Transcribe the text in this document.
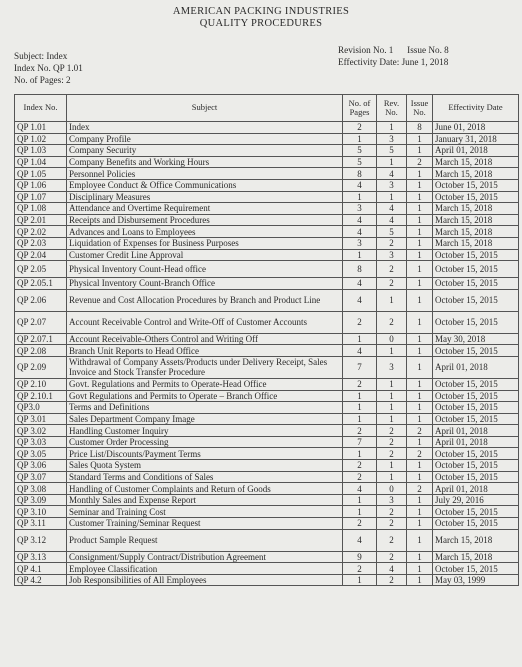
AMERICAN PACKING INDUSTRIES
QUALITY PROCEDURES
Subject: Index
Index No. QP 1.01
No. of Pages: 2
Revision No. 1 Issue No. 8
Effectivity Date: June 1, 2018
Index No.	Subject	No. of Pages	Rev. No.	Issue No.	Effectivity Date
QP 1.01	Index	2	1	8	June 01, 2018
QP 1.02	Company Profile	1	3	1	January 31, 2018
QP 1.03	Company Security	5	5	1	April 01, 2018
QP 1.04	Company Benefits and Working Hours	5	1	2	March 15, 2018
QP 1.05	Personnel Policies	8	4	1	March 15, 2018
QP 1.06	Employee Conduct & Office Communications	4	3	1	October 15, 2015
QP 1.07	Disciplinary Measures	1	1	1	October 15, 2015
QP 1.08	Attendance and Overtime Requirement	3	4	1	March 15, 2018
QP 2.01	Receipts and Disbursement Procedures	4	4	1	March 15, 2018
QP 2.02	Advances and Loans to Employees	4	5	1	March 15, 2018
QP 2.03	Liquidation of Expenses for Business Purposes	3	2	1	March 15, 2018
QP 2.04	Customer Credit Line Approval	1	3	1	October 15, 2015
QP 2.05	Physical Inventory Count-Head office	8	2	1	October 15, 2015
QP 2.05.1	Physical Inventory Count-Branch Office	4	2	1	October 15, 2015
QP 2.06	Revenue and Cost Allocation Procedures by Branch and Product Line	4	1	1	October 15, 2015
QP 2.07	Account Receivable Control and Write-Off of Customer Accounts	2	2	1	October 15, 2015
QP 2.07.1	Account Receivable-Others Control and Writing Off	1	0	1	May 30, 2018
QP 2.08	Branch Unit Reports to Head Office	4	1	1	October 15, 2015
QP 2.09	Withdrawal of Company Assets/Products under Delivery Receipt, Sales Invoice and Stock Transfer Procedure	7	3	1	April 01, 2018
QP 2.10	Govt. Regulations and Permits to Operate-Head Office	2	1	1	October 15, 2015
QP 2.10.1	Govt Regulations and Permits to Operate – Branch Office	1	1	1	October 15, 2015
QP3.0	Terms and Definitions	1	1	1	October 15, 2015
QP 3.01	Sales Department Company Image	1	1	1	October 15, 2015
QP 3.02	Handling Customer Inquiry	2	2	2	April 01, 2018
QP 3.03	Customer Order Processing	7	2	1	April 01, 2018
QP 3.05	Price List/Discounts/Payment Terms	1	2	2	October 15, 2015
QP 3.06	Sales Quota System	2	1	1	October 15, 2015
QP 3.07	Standard Terms and Conditions of Sales	2	1	1	October 15, 2015
QP 3.08	Handling of Customer Complaints and Return of Goods	4	0	2	April 01, 2018
QP 3.09	Monthly Sales and Expense Report	1	3	1	July 29, 2016
QP 3.10	Seminar and Training Cost	1	2	1	October 15, 2015
QP 3.11	Customer Training/Seminar Request	2	2	1	October 15, 2015
QP 3.12	Product Sample Request	4	2	1	March 15, 2018
QP 3.13	Consignment/Supply Contract/Distribution Agreement	9	2	1	March 15, 2018
QP 4.1	Employee Classification	2	4	1	October 15, 2015
QP 4.2	Job Responsibilities of All Employees	1	2	1	May 03, 1999
